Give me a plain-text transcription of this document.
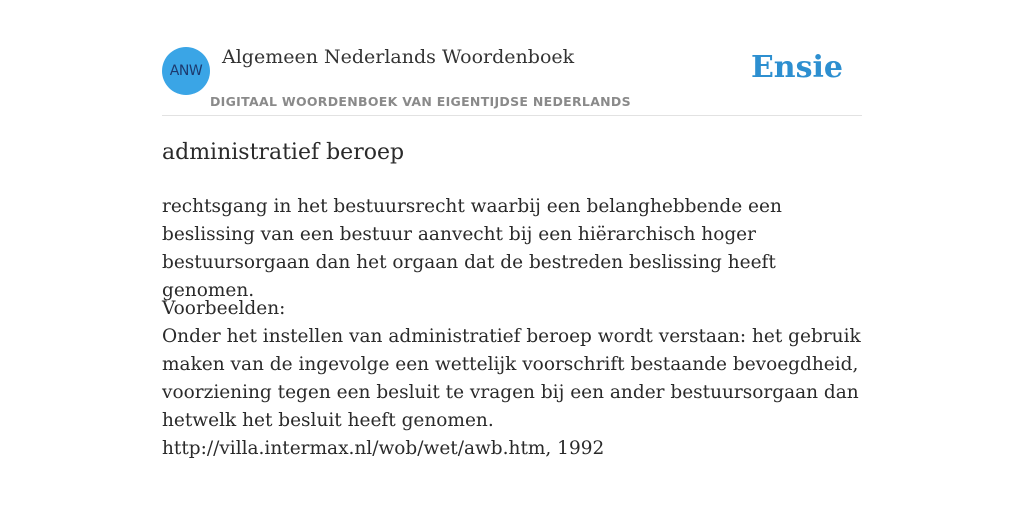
ANW
Algemeen Nederlands Woordenboek
DIGITAAL WOORDENBOEK VAN EIGENTIJDSE NEDERLANDS
Ensie
administratief beroep

rechtsgang in het bestuursrecht waarbij een belanghebbende een beslissing van een bestuur aanvecht bij een hiërarchisch hoger bestuursorgaan dan het orgaan dat de bestreden beslissing heeft genomen.

Voorbeelden:
Onder het instellen van administratief beroep wordt verstaan: het gebruik maken van de ingevolge een wettelijk voorschrift bestaande bevoegdheid, voorziening tegen een besluit te vragen bij een ander bestuursorgaan dan hetwelk het besluit heeft genomen.
http://villa.intermax.nl/wob/wet/awb.htm, 1992
